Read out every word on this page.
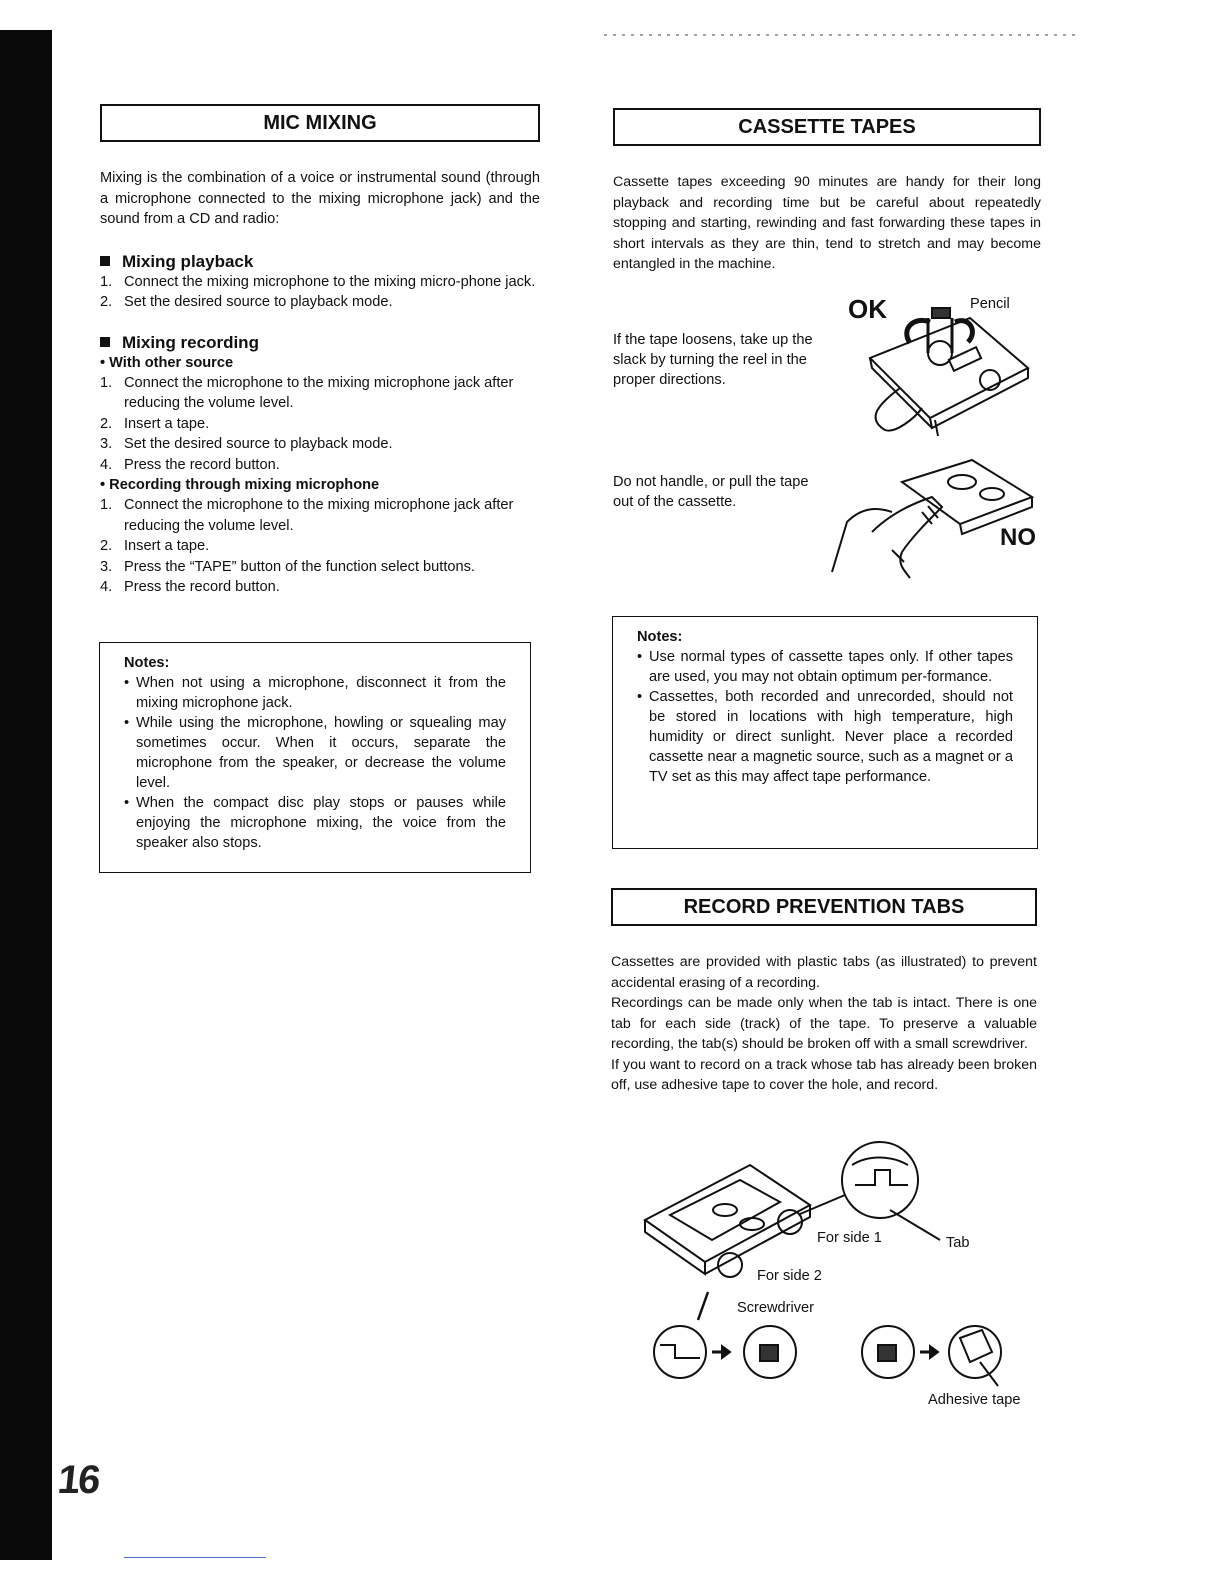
MIC MIXING

Mixing is the combination of a voice or instrumental sound (through a microphone connected to the mixing microphone jack) and the sound from a CD and radio:

Mixing playback

1. Connect the mixing microphone to the mixing micro-phone jack.
2. Set the desired source to playback mode.

Mixing recording

• With other source
1. Connect the microphone to the mixing microphone jack after reducing the volume level.
2. Insert a tape.
3. Set the desired source to playback mode.
4. Press the record button.
• Recording through mixing microphone
1. Connect the microphone to the mixing microphone jack after reducing the volume level.
2. Insert a tape.
3. Press the “TAPE” button of the function select buttons.
4. Press the record button.
Notes:
• When not using a microphone, disconnect it from the mixing microphone jack.
• While using the microphone, howling or squealing may sometimes occur. When it occurs, separate the microphone from the speaker, or decrease the volume level.
• When the compact disc play stops or pauses while enjoying the microphone mixing, the voice from the speaker also stops.
CASSETTE TAPES

Cassette tapes exceeding 90 minutes are handy for their long playback and recording time but be careful about repeatedly stopping and starting, rewinding and fast forwarding these tapes in short intervals as they are thin, tend to stretch and may become entangled in the machine.

OK	Pencil
If the tape loosens, take up the slack by turning the reel in the proper directions.
Do not handle, or pull the tape out of the cassette.
NO
Notes:
• Use normal types of cassette tapes only. If other tapes are used, you may not obtain optimum per-formance.
• Cassettes, both recorded and unrecorded, should not be stored in locations with high temperature, high humidity or direct sunlight. Never place a recorded cassette near a magnetic source, such as a magnet or a TV set as this may affect tape performance.
RECORD PREVENTION TABS

Cassettes are provided with plastic tabs (as illustrated) to prevent accidental erasing of a recording.

Recordings can be made only when the tab is intact. There is one tab for each side (track) of the tape. To preserve a valuable recording, the tab(s) should be broken off with a small screwdriver.

If you want to record on a track whose tab has already been broken off, use adhesive tape to cover the hole, and record.

For side 1	Tab
For side 2
Screwdriver
Adhesive tape
16
